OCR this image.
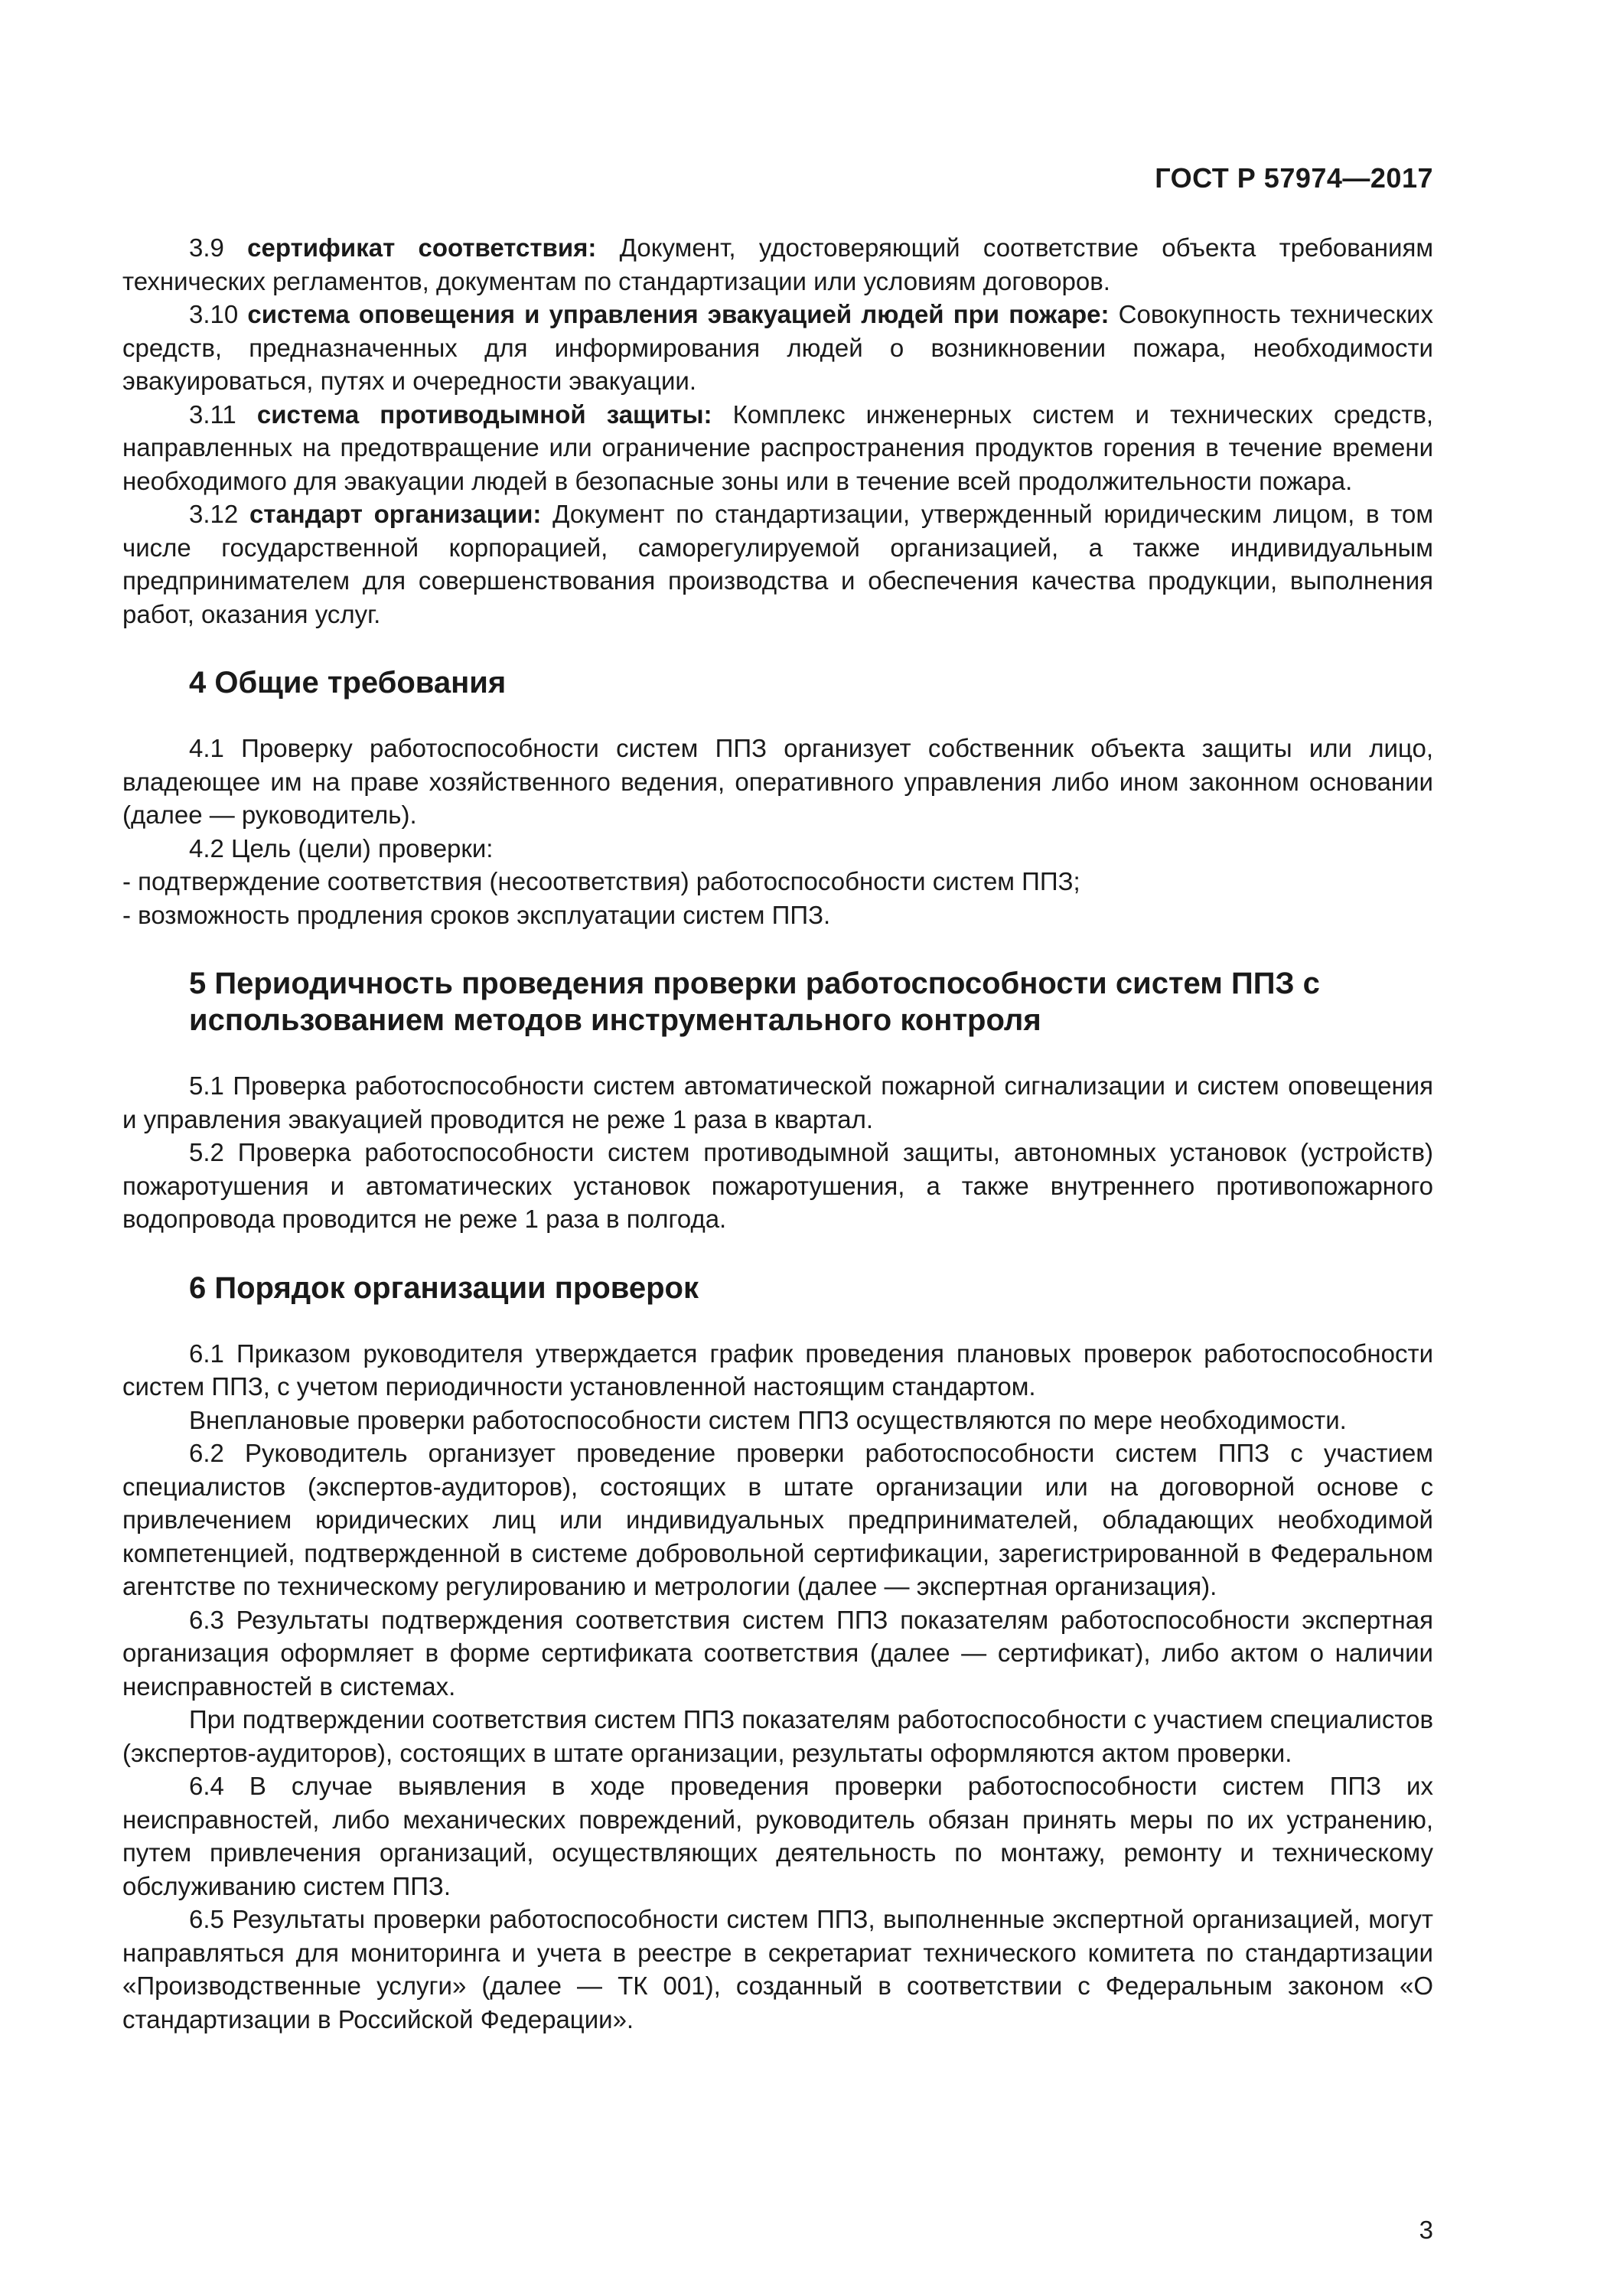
ГОСТ Р 57974—2017

3.9 сертификат соответствия: Документ, удостоверяющий соответствие объекта требованиям технических регламентов, документам по стандартизации или условиям договоров.

3.10 система оповещения и управления эвакуацией людей при пожаре: Совокупность технических средств, предназначенных для информирования людей о возникновении пожара, необходимости эвакуироваться, путях и очередности эвакуации.

3.11 система противодымной защиты: Комплекс инженерных систем и технических средств, направленных на предотвращение или ограничение распространения продуктов горения в течение времени необходимого для эвакуации людей в безопасные зоны или в течение всей продолжительности пожара.

3.12 стандарт организации: Документ по стандартизации, утвержденный юридическим лицом, в том числе государственной корпорацией, саморегулируемой организацией, а также индивидуальным предпринимателем для совершенствования производства и обеспечения качества продукции, выполнения работ, оказания услуг.

4 Общие требования

4.1 Проверку работоспособности систем ППЗ организует собственник объекта защиты или лицо, владеющее им на праве хозяйственного ведения, оперативного управления либо ином законном основании (далее — руководитель).

4.2 Цель (цели) проверки:

- подтверждение соответствия (несоответствия) работоспособности систем ППЗ;

- возможность продления сроков эксплуатации систем ППЗ.

5 Периодичность проведения проверки работоспособности систем ППЗ с
использованием методов инструментального контроля

5.1 Проверка работоспособности систем автоматической пожарной сигнализации и систем оповещения и управления эвакуацией проводится не реже 1 раза в квартал.

5.2 Проверка работоспособности систем противодымной защиты, автономных установок (устройств) пожаротушения и автоматических установок пожаротушения, а также внутреннего противопожарного водопровода проводится не реже 1 раза в полгода.

6 Порядок организации проверок

6.1 Приказом руководителя утверждается график проведения плановых проверок работоспособности систем ППЗ, с учетом периодичности установленной настоящим стандартом.

Внеплановые проверки работоспособности систем ППЗ осуществляются по мере необходимости.

6.2 Руководитель организует проведение проверки работоспособности систем ППЗ с участием специалистов (экспертов-аудиторов), состоящих в штате организации или на договорной основе с привлечением юридических лиц или индивидуальных предпринимателей, обладающих необходимой компетенцией, подтвержденной в системе добровольной сертификации, зарегистрированной в Федеральном агентстве по техническому регулированию и метрологии (далее — экспертная организация).

6.3 Результаты подтверждения соответствия систем ППЗ показателям работоспособности экспертная организация оформляет в форме сертификата соответствия (далее — сертификат), либо актом о наличии неисправностей в системах.

При подтверждении соответствия систем ППЗ показателям работоспособности с участием специалистов (экспертов-аудиторов), состоящих в штате организации, результаты оформляются актом проверки.

6.4 В случае выявления в ходе проведения проверки работоспособности систем ППЗ их неисправностей, либо механических повреждений, руководитель обязан принять меры по их устранению, путем привлечения организаций, осуществляющих деятельность по монтажу, ремонту и техническому обслуживанию систем ППЗ.

6.5 Результаты проверки работоспособности систем ППЗ, выполненные экспертной организацией, могут направляться для мониторинга и учета в реестре в секретариат технического комитета по стандартизации «Производственные услуги» (далее — ТК 001), созданный в соответствии с Федеральным законом «О стандартизации в Российской Федерации».

3
